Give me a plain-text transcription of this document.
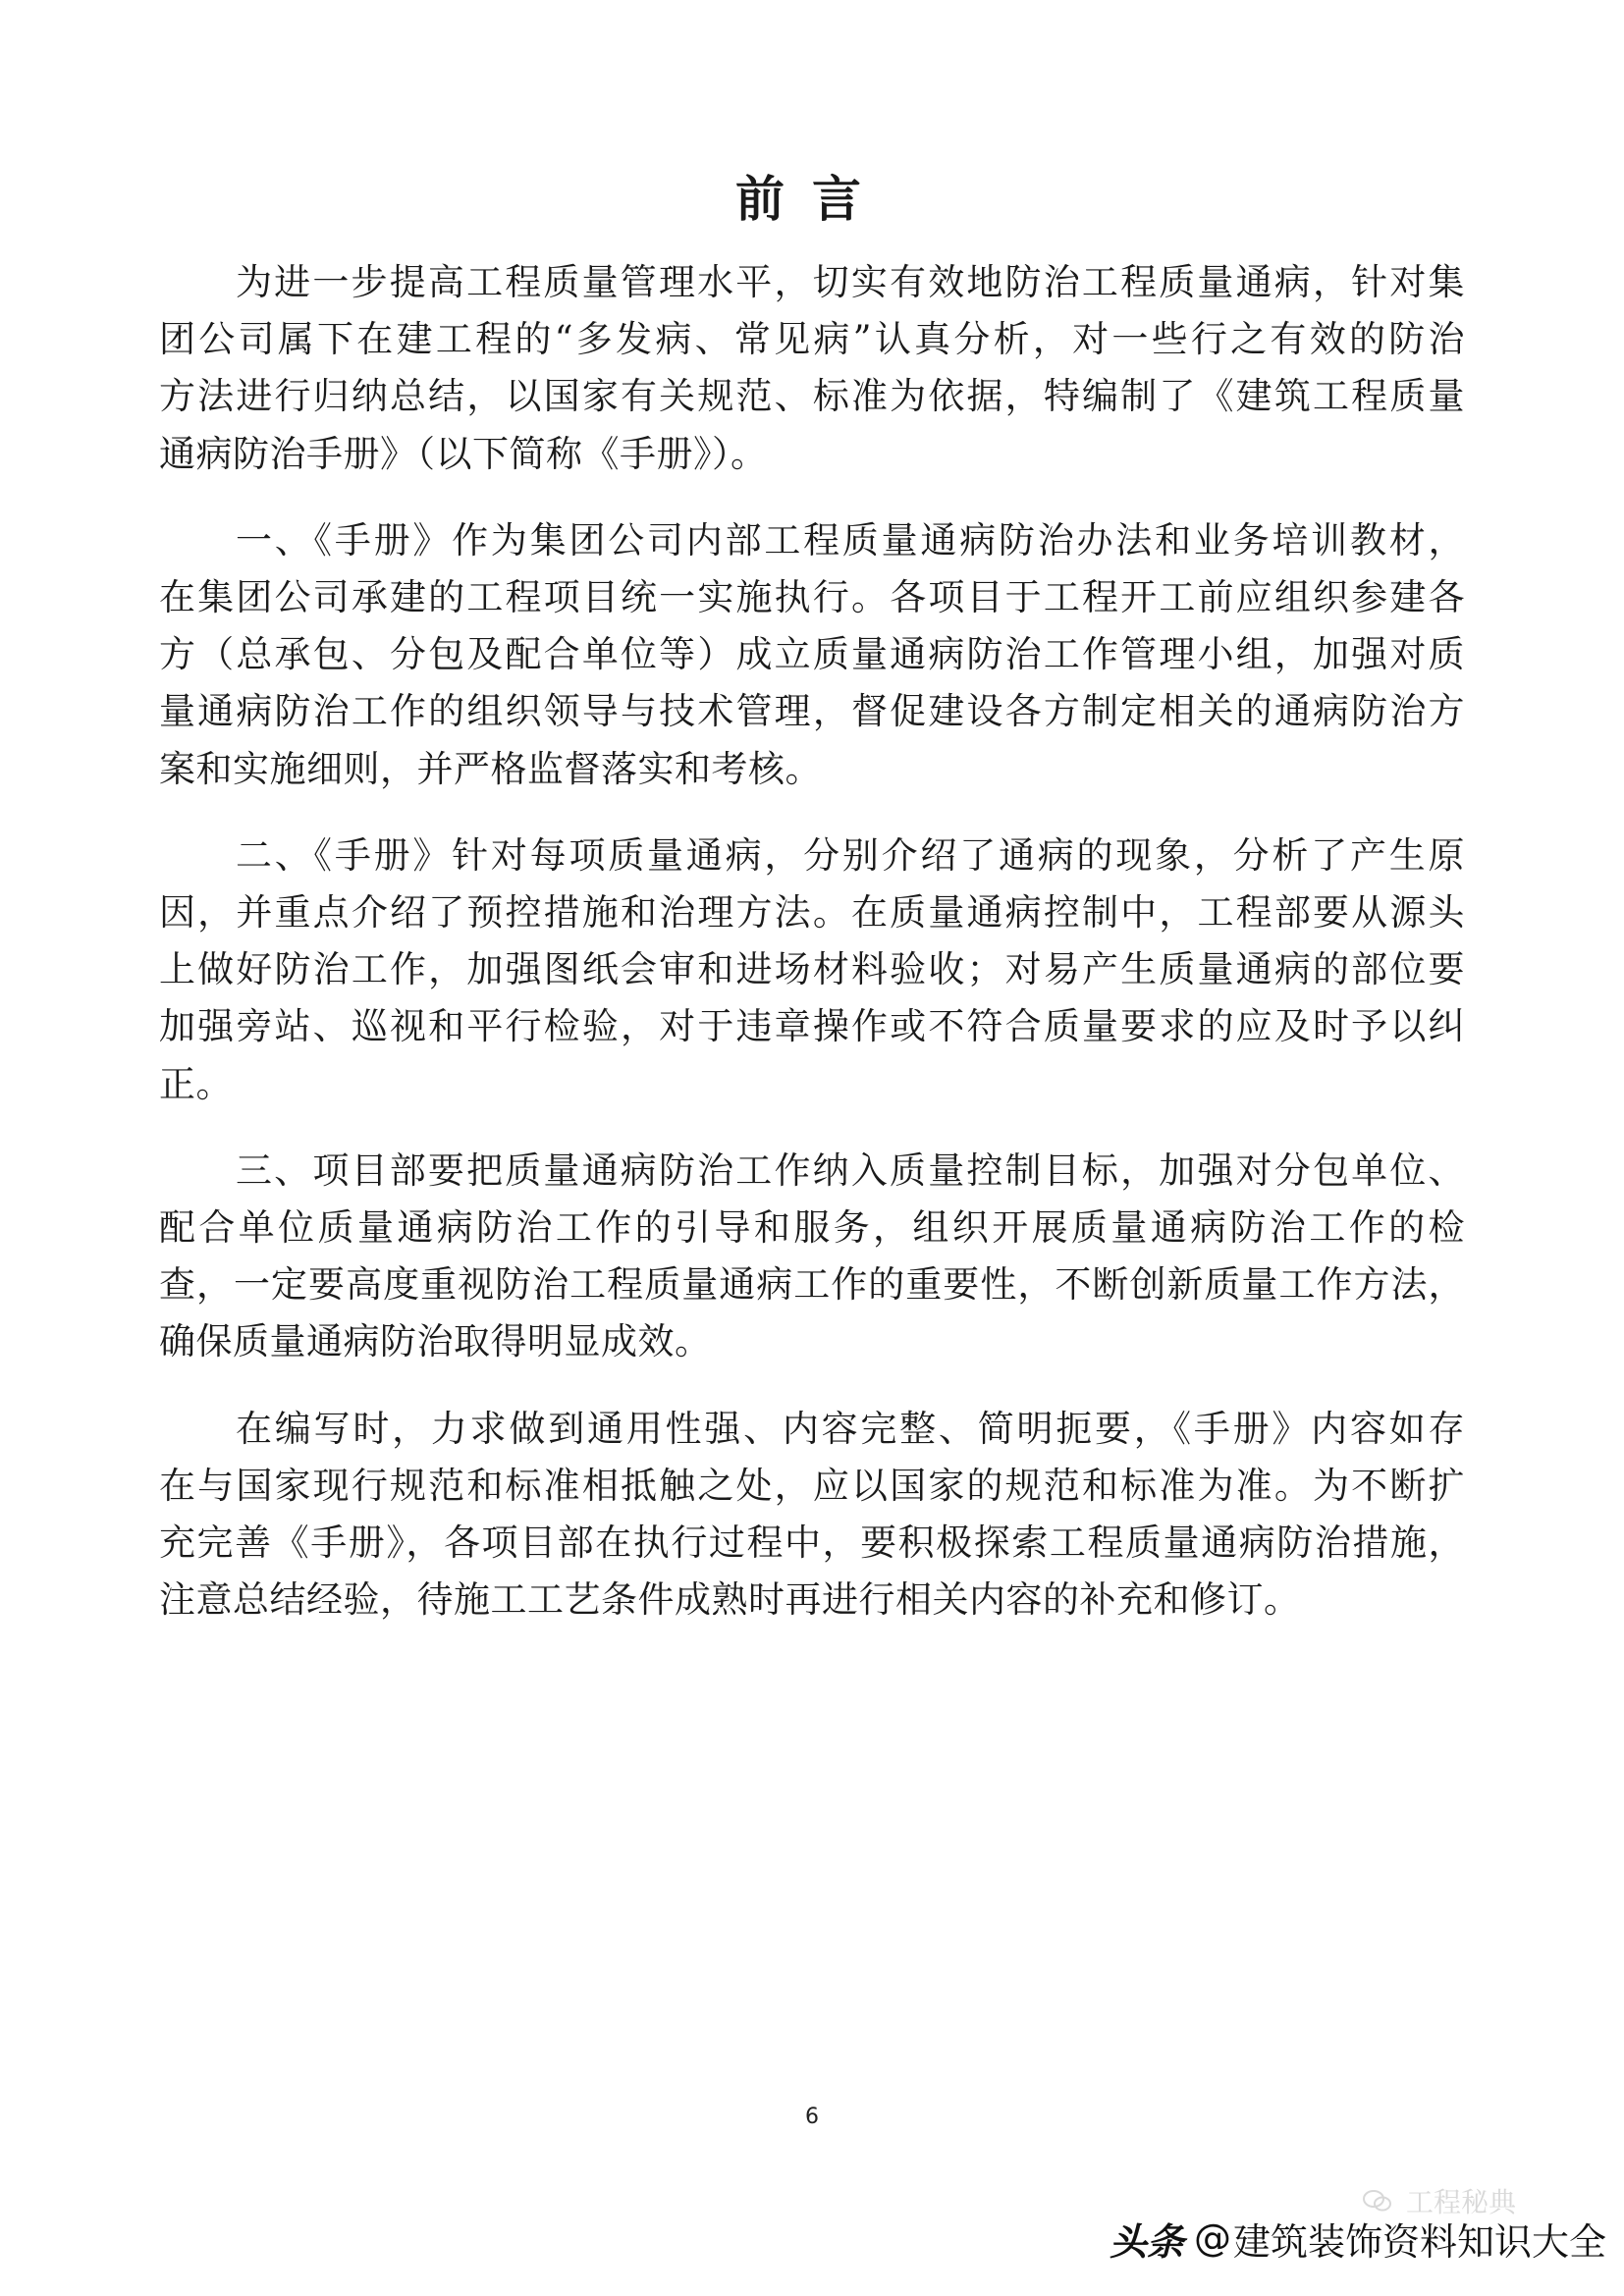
前言
为进一步提高工程质量管理水平，切实有效地防治工程质量通病，针对集
团公司属下在建工程的“多发病、常见病”认真分析，对一些行之有效的防治
方法进行归纳总结，以国家有关规范、标准为依据，特编制了《建筑工程质量
通病防治手册》（以下简称《手册》）。
一、《手册》作为集团公司内部工程质量通病防治办法和业务培训教材，
在集团公司承建的工程项目统一实施执行。各项目于工程开工前应组织参建各
方（总承包、分包及配合单位等）成立质量通病防治工作管理小组，加强对质
量通病防治工作的组织领导与技术管理，督促建设各方制定相关的通病防治方
案和实施细则，并严格监督落实和考核。
二、《手册》针对每项质量通病，分别介绍了通病的现象，分析了产生原
因，并重点介绍了预控措施和治理方法。在质量通病控制中，工程部要从源头
上做好防治工作，加强图纸会审和进场材料验收；对易产生质量通病的部位要
加强旁站、巡视和平行检验，对于违章操作或不符合质量要求的应及时予以纠
正。
三、项目部要把质量通病防治工作纳入质量控制目标，加强对分包单位、
配合单位质量通病防治工作的引导和服务，组织开展质量通病防治工作的检
查，一定要高度重视防治工程质量通病工作的重要性，不断创新质量工作方法，
确保质量通病防治取得明显成效。
在编写时，力求做到通用性强、内容完整、简明扼要，《手册》内容如存
在与国家现行规范和标准相抵触之处，应以国家的规范和标准为准。为不断扩
充完善《手册》，各项目部在执行过程中，要积极探索工程质量通病防治措施，
注意总结经验，待施工工艺条件成熟时再进行相关内容的补充和修订。
6
工程秘典
头条 @ 建筑装饰资料知识大全
